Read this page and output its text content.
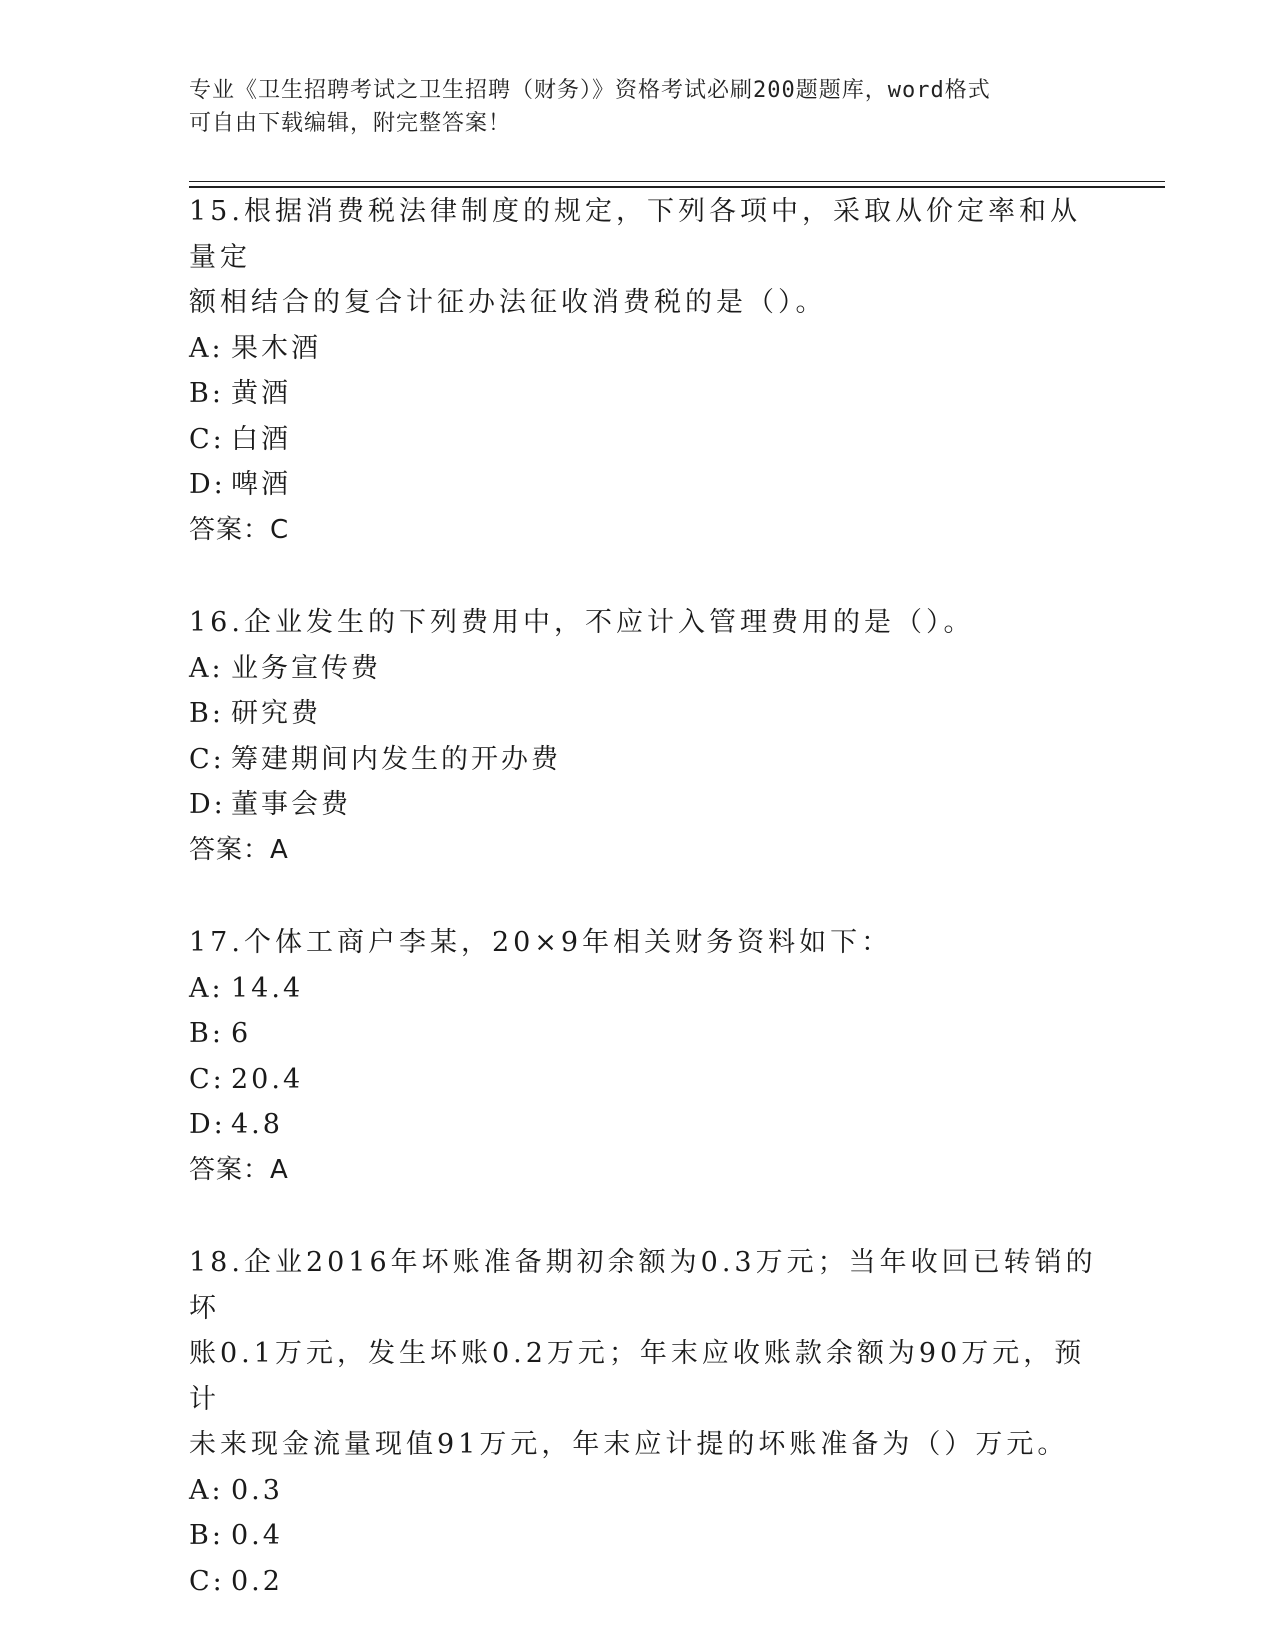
专业《卫生招聘考试之卫生招聘（财务）》资格考试必刷200题题库，word格式
可自由下载编辑，附完整答案！

15.根据消费税法律制度的规定，下列各项中，采取从价定率和从量定

额相结合的复合计征办法征收消费税的是（）。

A: 果木酒

B: 黄酒

C: 白酒

D: 啤酒

答案：C

16.企业发生的下列费用中，不应计入管理费用的是（）。

A: 业务宣传费

B: 研究费

C: 筹建期间内发生的开办费

D: 董事会费

答案：A

17.个体工商户李某，20×9年相关财务资料如下：

A: 14.4

B: 6

C: 20.4

D: 4.8

答案：A

18.企业2016年坏账准备期初余额为0.3万元；当年收回已转销的坏

账0.1万元，发生坏账0.2万元；年末应收账款余额为90万元，预计

未来现金流量现值91万元，年末应计提的坏账准备为（）万元。

A: 0.3

B: 0.4

C: 0.2
